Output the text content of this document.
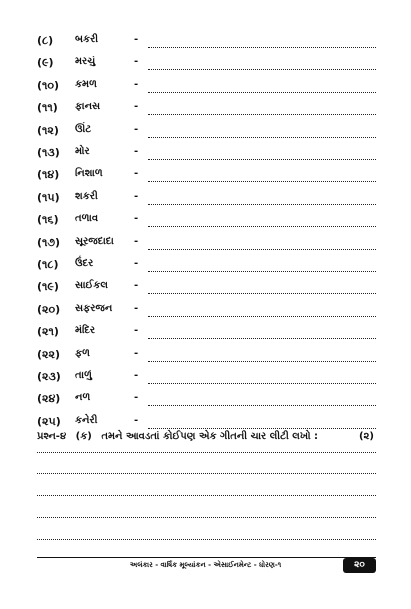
(૮) બકરી	-
(૯) મરચું	-
(૧૦) કમળ	-
(૧૧) ફાનસ	-
(૧૨) ઊંટ	-
(૧૩) મોર	-
(૧૪) નિશાળ	-
(૧૫) શકરી	-
(૧૬) તળાવ	-
(૧૭) સૂરજદાદા -
(૧૮) ઉંદર	-
(૧૯) સાઈકલ	-
(૨૦) સફરજન -
(૨૧) મંદિર	-
(૨૨) ફળ	-
(૨૩) તાળું	-
(૨૪) નળ	-
(૨૫) કનેરી	-
પ્રશ્ન-૪ (ક) તમને આવડતાં કોઈપણ એક ગીતની ચાર લીટી લખો :	(૨)
અલંકાર - વાર્ષિક મૂલ્યાંકન - એસાઈનમેન્ટ - ધોરણ-૧	૨૦
